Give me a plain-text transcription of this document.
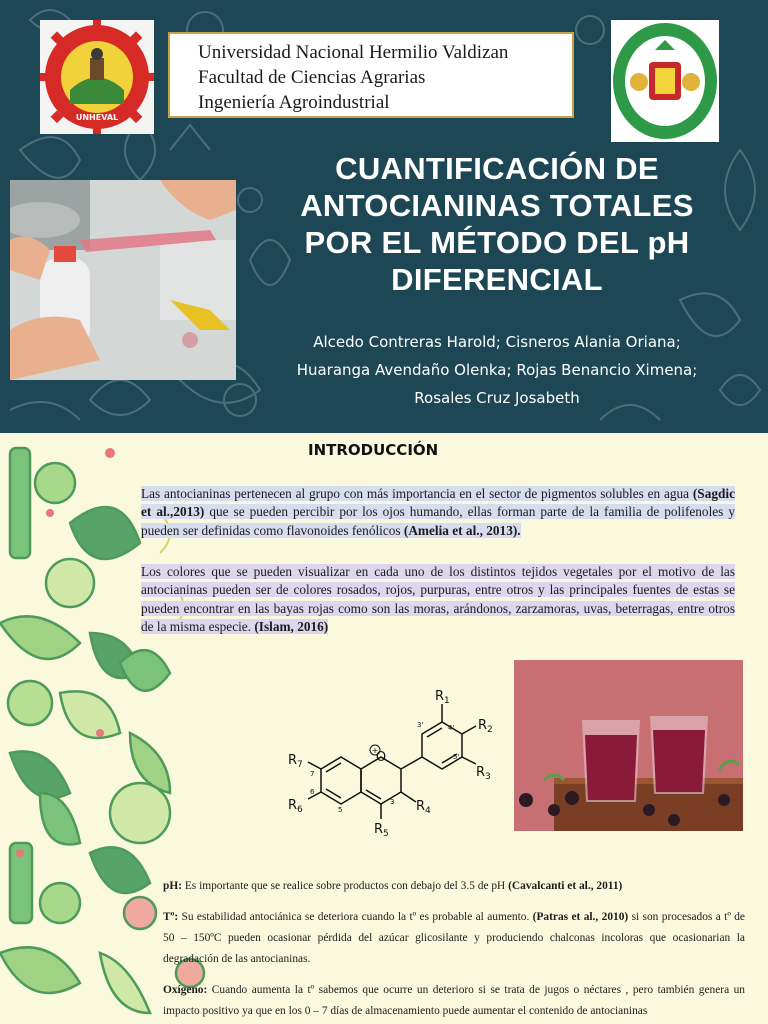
UNHEVAL
Universidad Nacional Hermilio Valdizan
Facultad de Ciencias Agrarias
Ingeniería Agroindustrial
CUANTIFICACIÓN DE ANTOCIANINAS TOTALES POR EL MÉTODO DEL pH DIFERENCIAL
Alcedo Contreras Harold; Cisneros Alania Oriana;
Huaranga Avendaño Olenka; Rojas Benancio Ximena;
Rosales Cruz Josabeth
INTRODUCCIÓN
Las antocianinas pertenecen al grupo con más importancia en el sector de pigmentos solubles en agua (Sagdic et al.,2013) que se pueden percibir por los ojos humando, ellas forman parte de la familia de polifenoles y pueden ser definidas como flavonoides fenólicos (Amelia et al., 2013).
Los colores que se pueden visualizar en cada uno de los distintos tejidos vegetales por el motivo de las antocianinas pueden ser de colores rosados, rojos, purpuras, entre otros y las principales fuentes de estas se pueden encontrar en las bayas rojas como son las moras, arándonos, zarzamoras, uvas, beterragas, entre otros de la misma especie. (Islam, 2016)
+
O
$R_1$
$R_2$
$R_3$
$R_4$
$R_5$
$R_6$
$R_7$
3'	4'
5'
7
6
5
3

pH: Es importante que se realice sobre productos con debajo del 3.5 de pH (Cavalcanti et al., 2011)

Tº: Su estabilidad antociánica se deteriora cuando la tº es probable al aumento. (Patras et al., 2010) si son procesados a tº de 50 – 150ºC pueden ocasionar pérdida del azúcar glicosilante y produciendo chalconas incoloras que ocasionarian la degradación de las antocianinas.

Oxígeno: Cuando aumenta la tº sabemos que ocurre un deterioro si se trata de jugos o néctares , pero también genera un impacto positivo ya que en los 0 – 7 días de almacenamiento puede aumentar el contenido de antocianinas
